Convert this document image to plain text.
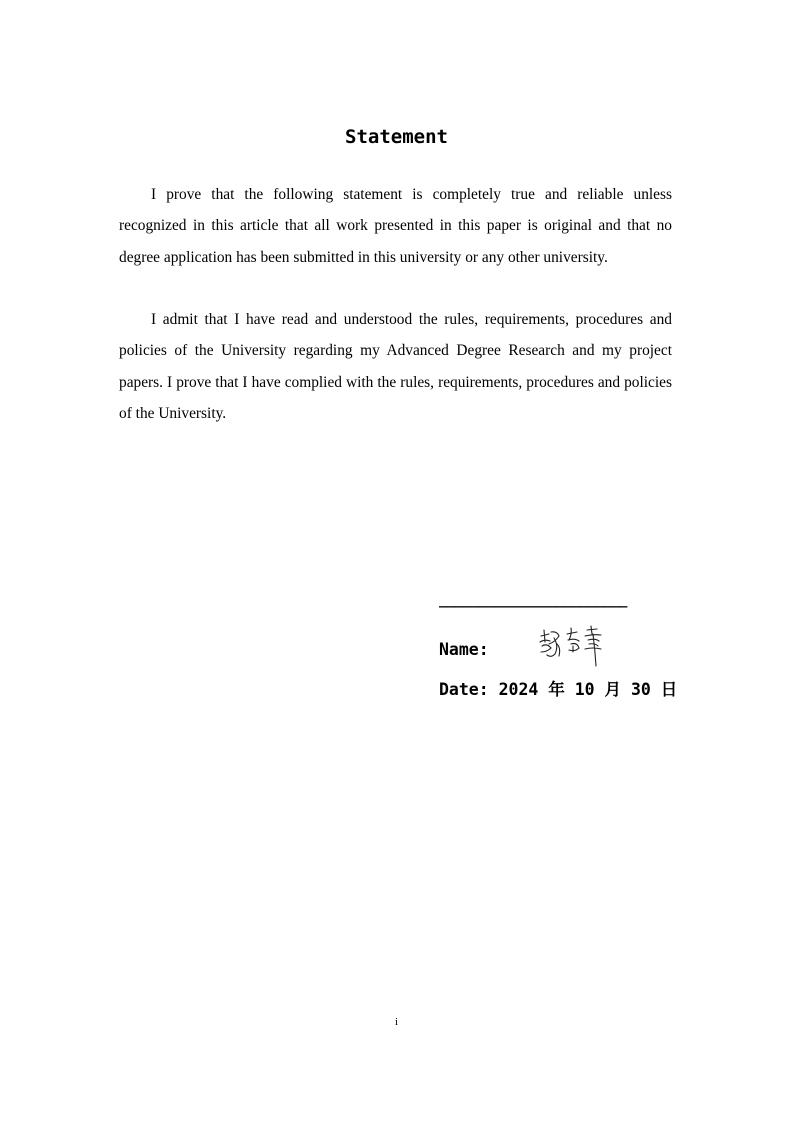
Statement

I prove that the following statement is completely true and reliable unless recognized in this article that all work presented in this paper is original and that no degree application has been submitted in this university or any other university.

I admit that I have read and understood the rules, requirements, procedures and policies of the University regarding my Advanced Degree Research and my project papers. I prove that I have complied with the rules, requirements, procedures and policies of the University.

________________________
Name:
Date: 2024 年 10 月 30 日
i
